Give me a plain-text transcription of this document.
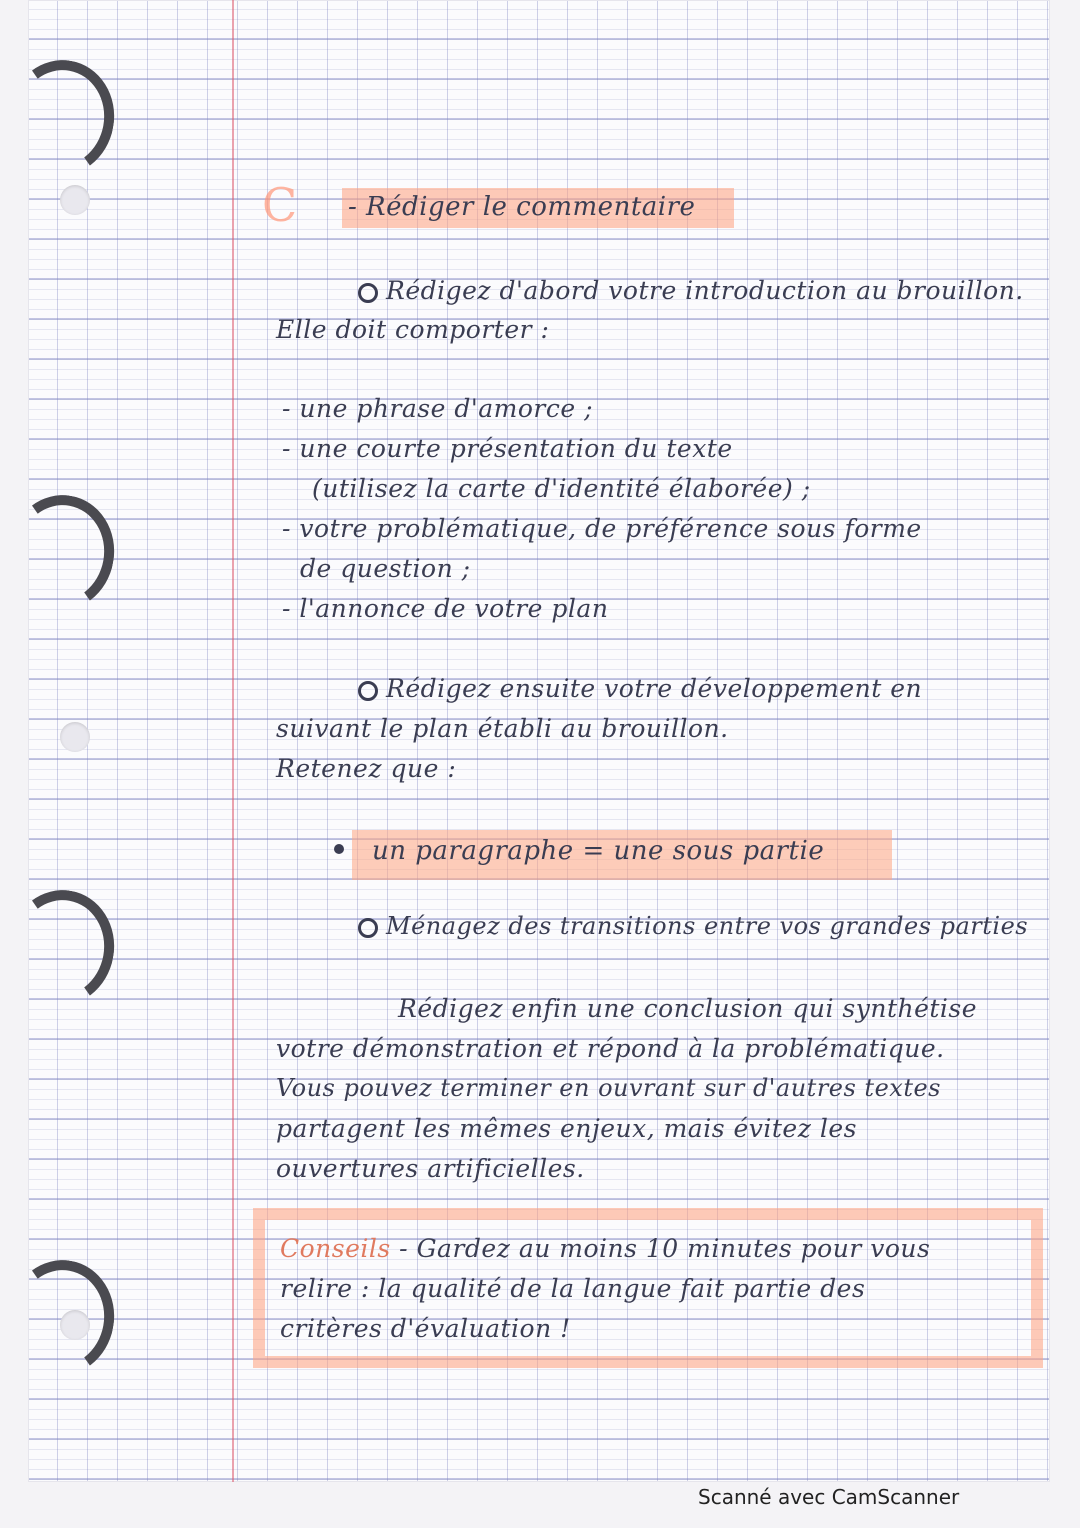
C - Rédiger le commentaire
Rédigez d'abord votre introduction au brouillon.
Elle doit comporter :
- une phrase d'amorce ;
- une courte présentation du texte
(utilisez la carte d'identité élaborée) ;
- votre problématique, de préférence sous forme
de question ;
- l'annonce de votre plan
Rédigez ensuite votre développement en
suivant le plan établi au brouillon.
Retenez que :
un paragraphe = une sous partie
Ménagez des transitions entre vos grandes parties
Rédigez enfin une conclusion qui synthétise
votre démonstration et répond à la problématique.
Vous pouvez terminer en ouvrant sur d'autres textes
partagent les mêmes enjeux, mais évitez les
ouvertures artificielles.
Conseils - Gardez au moins 10 minutes pour vous
relire : la qualité de la langue fait partie des
critères d'évaluation !
Scanné avec CamScanner
